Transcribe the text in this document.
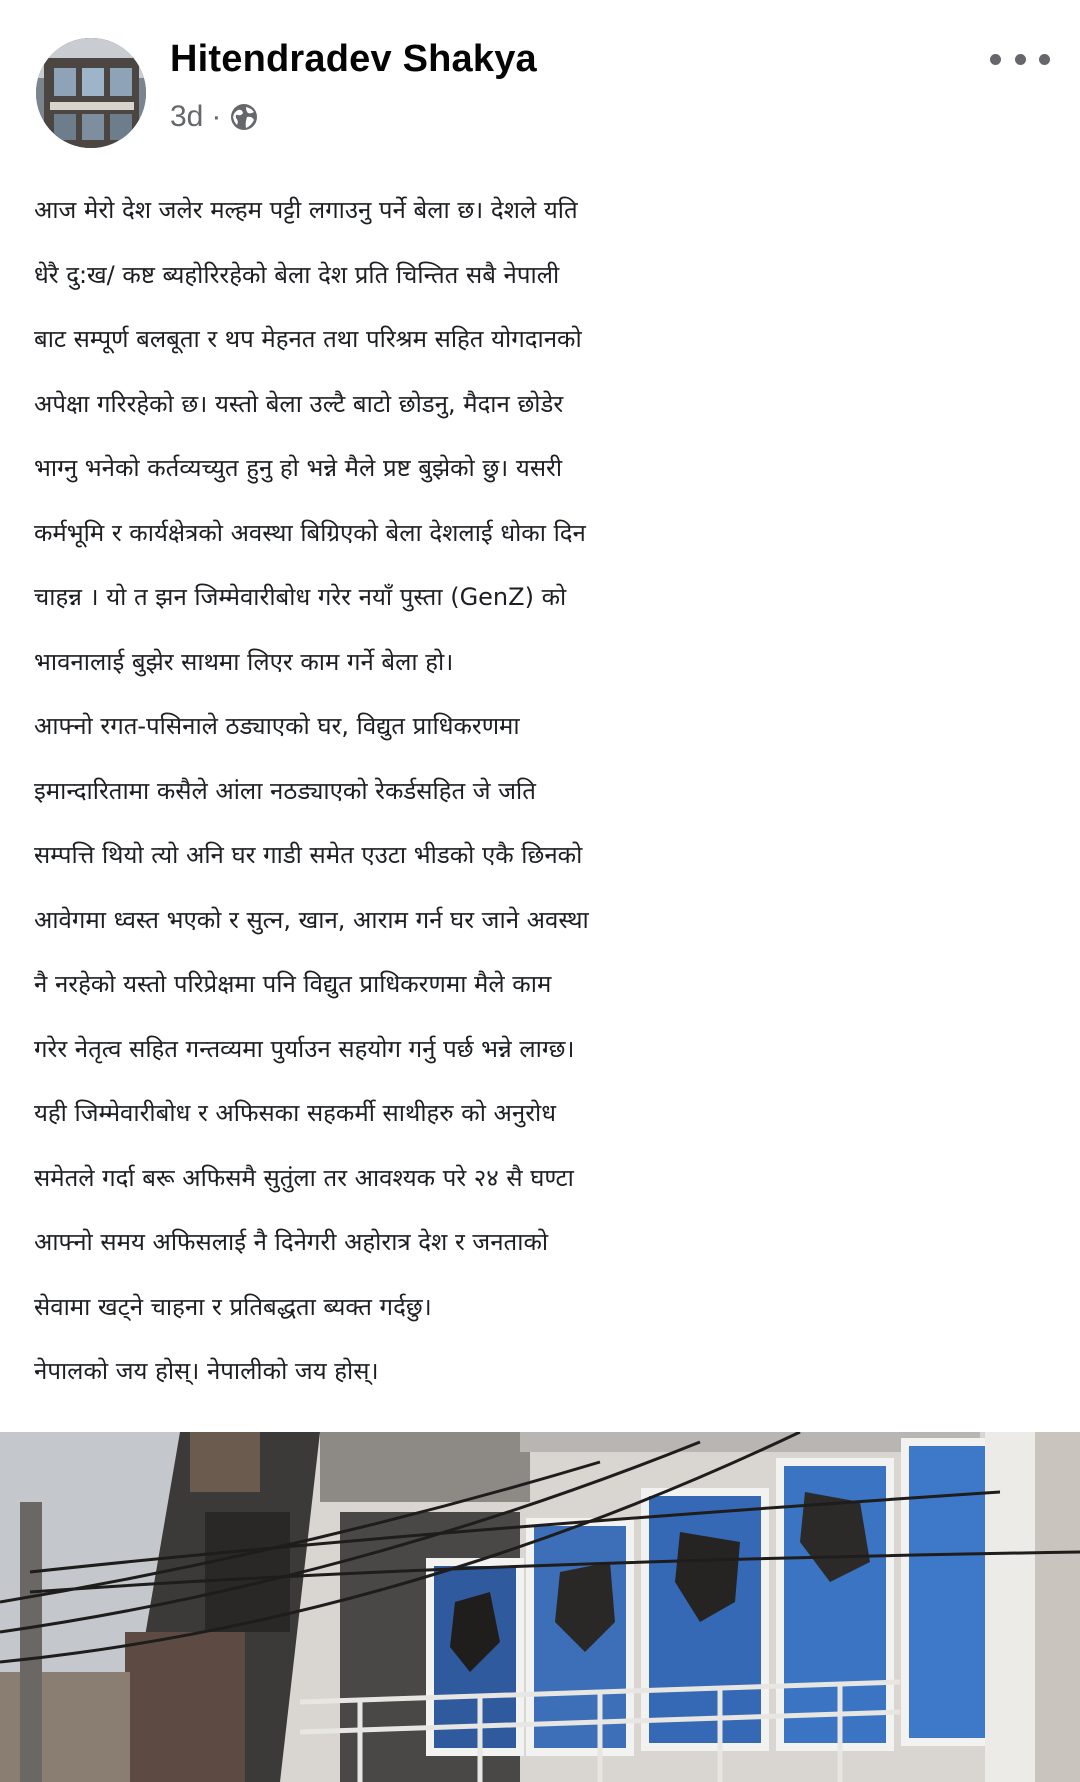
Hitendradev Shakya
3d ·
आज मेरो देश जलेर मल्हम पट्टी लगाउनु पर्ने बेला छ। देशले यति
धेरै दु:ख/ कष्ट ब्यहोरिरहेको बेला देश प्रति चिन्तित सबै नेपाली
बाट सम्पूर्ण बलबूता र थप मेहनत तथा परिश्रम सहित योगदानको
अपेक्षा गरिरहेको छ। यस्तो बेला उल्टै बाटो छोडनु, मैदान छोडेर
भाग्नु भनेको कर्तव्यच्युत हुनु हो भन्ने मैले प्रष्ट बुझेको छु। यसरी
कर्मभूमि र कार्यक्षेत्रको अवस्था बिग्रिएको बेला देशलाई धोका दिन
चाहन्न । यो त झन जिम्मेवारीबोध गरेर नयाँ पुस्ता (GenZ) को
भावनालाई बुझेर साथमा लिएर काम गर्ने बेला हो।
आफ्नो रगत-पसिनाले ठड्याएको घर, विद्युत प्राधिकरणमा
इमान्दारितामा कसैले आंला नठड्याएको रेकर्डसहित जे जति
सम्पत्ति थियो त्यो अनि घर गाडी समेत एउटा भीडको एकै छिनको
आवेगमा ध्वस्त भएको र सुत्न, खान, आराम गर्न घर जाने अवस्था
नै नरहेको यस्तो परिप्रेक्षमा पनि विद्युत प्राधिकरणमा मैले काम
गरेर नेतृत्व सहित गन्तव्यमा पुर्याउन सहयोग गर्नु पर्छ भन्ने लाग्छ।
यही जिम्मेवारीबोध र अफिसका सहकर्मी साथीहरु को अनुरोध
समेतले गर्दा बरू अफिसमै सुतुंला तर आवश्यक परे २४ सै घण्टा
आफ्नो समय अफिसलाई नै दिनेगरी अहोरात्र देश र जनताको
सेवामा खट्ने चाहना र प्रतिबद्धता ब्यक्त गर्दछु।
नेपालको जय होस्। नेपालीको जय होस्।
